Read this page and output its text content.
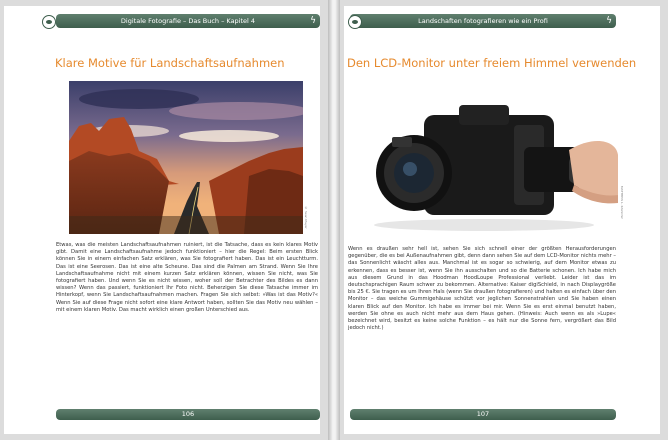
Digitale Fotografie – Das Buch – Kapitel 4	ϟ
Klare Motive für Landschaftsaufnahmen
© Sean Mayer
Etwas, was die meisten Landschaftsaufnahmen ruiniert, ist die Tatsache, dass es kein klares Motiv gibt. Damit eine Landschaftsaufnahme jedoch funktioniert – hier die Regel: Beim ersten Blick können Sie in einem einfachen Satz erklären, was Sie fotografiert haben. Das ist ein Leuchtturm. Das ist eine Seerosen. Das ist eine alte Scheune. Das sind die Palmen am Strand. Wenn Sie Ihre Landschaftsaufnahme nicht mit einem kurzen Satz erklären können, wissen Sie nicht, was Sie fotografiert haben. Und wenn Sie es nicht wissen, woher soll der Betrachter des Bildes es dann wissen? Wenn das passiert, funktioniert Ihr Foto nicht. Beherzigen Sie diese Tatsache immer im Hinterkopf, wenn Sie Landschaftsaufnahmen machen. Fragen Sie sich selbst: »Was ist das Motiv?« Wenn Sie auf diese Frage nicht sofort eine klare Antwort haben, sollten Sie das Motiv neu wählen – mit einem klaren Motiv. Das macht wirklich einen großen Unterschied aus.
106
Landschaften fotografieren wie ein Profi	ϟ
Den LCD-Monitor unter freiem Himmel verwenden
MATTHEW L. KALSOW
Wenn es draußen sehr hell ist, sehen Sie sich schnell einer der größten Herausforderungen gegenüber, die es bei Außenaufnahmen gibt, denn dann sehen Sie auf dem LCD-Monitor nichts mehr – das Sonnenlicht wäscht alles aus. Manchmal ist es sogar so schwierig, auf dem Monitor etwas zu erkennen, dass es besser ist, wenn Sie ihn ausschalten und so die Batterie schonen. Ich habe mich aus diesem Grund in das Hoodman HoodLoupe Professional verliebt. Leider ist das im deutschsprachigen Raum schwer zu bekommen. Alternative: Kaiser digiSchield, in nach Displaygröße bis 25 €. Sie tragen es um Ihren Hals (wenn Sie draußen fotografieren) und halten es einfach über den Monitor – das weiche Gummigehäuse schützt vor jeglichen Sonnenstrahlen und Sie haben einen klaren Blick auf den Monitor. Ich habe es immer bei mir. Wenn Sie es erst einmal benutzt haben, werden Sie ohne es auch nicht mehr aus dem Haus gehen. (Hinweis: Auch wenn es als »Lupe« bezeichnet wird, besitzt es keine solche Funktion – es hält nur die Sonne fern, vergrößert das Bild jedoch nicht.)
107
